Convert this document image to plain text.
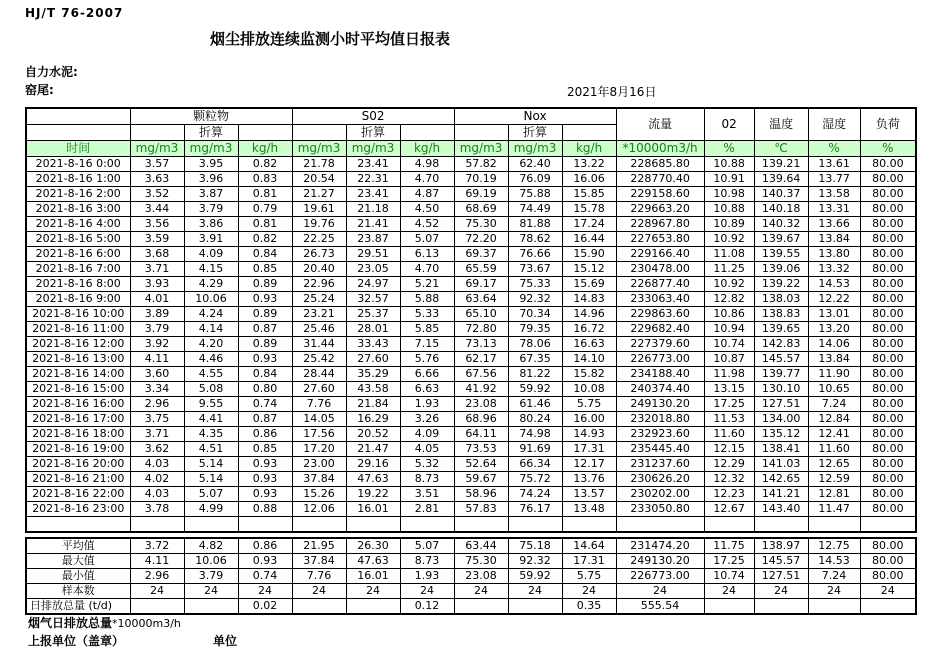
HJ/T 76-2007
烟尘排放连续监测小时平均值日报表
自力水泥:
窑尾:	2021年8月16日
	颗粒物			S02			Nox			流量	02	温度	湿度	负荷
		折算			折算			折算						
时间	mg/m3	mg/m3	kg/h	mg/m3	mg/m3	kg/h	mg/m3	mg/m3	kg/h	*10000m3/h	%	℃	%	%
2021-8-16 0:00	3.57	3.95	0.82	21.78	23.41	4.98	57.82	62.40	13.22	228685.80	10.88	139.21	13.61	80.00
2021-8-16 1:00	3.63	3.96	0.83	20.54	22.31	4.70	70.19	76.09	16.06	228770.40	10.91	139.64	13.77	80.00
2021-8-16 2:00	3.52	3.87	0.81	21.27	23.41	4.87	69.19	75.88	15.85	229158.60	10.98	140.37	13.58	80.00
2021-8-16 3:00	3.44	3.79	0.79	19.61	21.18	4.50	68.69	74.49	15.78	229663.20	10.88	140.18	13.31	80.00
2021-8-16 4:00	3.56	3.86	0.81	19.76	21.41	4.52	75.30	81.88	17.24	228967.80	10.89	140.32	13.66	80.00
2021-8-16 5:00	3.59	3.91	0.82	22.25	23.87	5.07	72.20	78.62	16.44	227653.80	10.92	139.67	13.84	80.00
2021-8-16 6:00	3.68	4.09	0.84	26.73	29.51	6.13	69.37	76.66	15.90	229166.40	11.08	139.55	13.80	80.00
2021-8-16 7:00	3.71	4.15	0.85	20.40	23.05	4.70	65.59	73.67	15.12	230478.00	11.25	139.06	13.32	80.00
2021-8-16 8:00	3.93	4.29	0.89	22.96	24.97	5.21	69.17	75.33	15.69	226877.40	10.92	139.22	14.53	80.00
2021-8-16 9:00	4.01	10.06	0.93	25.24	32.57	5.88	63.64	92.32	14.83	233063.40	12.82	138.03	12.22	80.00
2021-8-16 10:00	3.89	4.24	0.89	23.21	25.37	5.33	65.10	70.34	14.96	229863.60	10.86	138.83	13.01	80.00
2021-8-16 11:00	3.79	4.14	0.87	25.46	28.01	5.85	72.80	79.35	16.72	229682.40	10.94	139.65	13.20	80.00
2021-8-16 12:00	3.92	4.20	0.89	31.44	33.43	7.15	73.13	78.06	16.63	227379.60	10.74	142.83	14.06	80.00
2021-8-16 13:00	4.11	4.46	0.93	25.42	27.60	5.76	62.17	67.35	14.10	226773.00	10.87	145.57	13.84	80.00
2021-8-16 14:00	3.60	4.55	0.84	28.44	35.29	6.66	67.56	81.22	15.82	234188.40	11.98	139.77	11.90	80.00
2021-8-16 15:00	3.34	5.08	0.80	27.60	43.58	6.63	41.92	59.92	10.08	240374.40	13.15	130.10	10.65	80.00
2021-8-16 16:00	2.96	9.55	0.74	7.76	21.84	1.93	23.08	61.46	5.75	249130.20	17.25	127.51	7.24	80.00
2021-8-16 17:00	3.75	4.41	0.87	14.05	16.29	3.26	68.96	80.24	16.00	232018.80	11.53	134.00	12.84	80.00
2021-8-16 18:00	3.71	4.35	0.86	17.56	20.52	4.09	64.11	74.98	14.93	232923.60	11.60	135.12	12.41	80.00
2021-8-16 19:00	3.62	4.51	0.85	17.20	21.47	4.05	73.53	91.69	17.31	235445.40	12.15	138.41	11.60	80.00
2021-8-16 20:00	4.03	5.14	0.93	23.00	29.16	5.32	52.64	66.34	12.17	231237.60	12.29	141.03	12.65	80.00
2021-8-16 21:00	4.02	5.14	0.93	37.84	47.63	8.73	59.67	75.72	13.76	230626.20	12.32	142.65	12.59	80.00
2021-8-16 22:00	4.03	5.07	0.93	15.26	19.22	3.51	58.96	74.24	13.57	230202.00	12.23	141.21	12.81	80.00
2021-8-16 23:00	3.78	4.99	0.88	12.06	16.01	2.81	57.83	76.17	13.48	233050.80	12.67	143.40	11.47	80.00

平均值	3.72	4.82	0.86	21.95	26.30	5.07	63.44	75.18	14.64	231474.20	11.75	138.97	12.75	80.00
最大值	4.11	10.06	0.93	37.84	47.63	8.73	75.30	92.32	17.31	249130.20	17.25	145.57	14.53	80.00
最小值	2.96	3.79	0.74	7.76	16.01	1.93	23.08	59.92	5.75	226773.00	10.74	127.51	7.24	80.00
样本数	24	24	24	24	24	24	24	24	24	24	24	24	24	24
日排放总量 (t/d)			0.02			0.12			0.35	555.54				
烟气日排放总量*10000m3/h
上报单位（盖章）	单位
